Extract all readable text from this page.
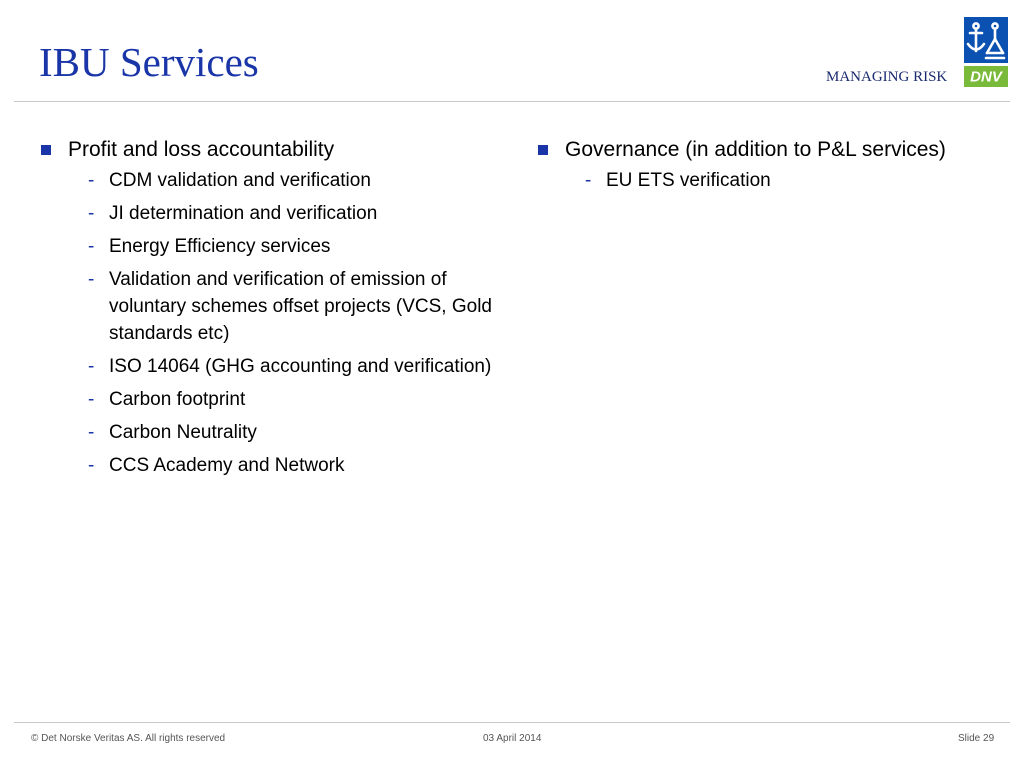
IBU Services	MANAGING RISK DNV
Profit and loss accountability
- CDM validation and verification
- JI determination and verification
- Energy Efficiency services
- Validation and verification of emission of voluntary schemes offset projects (VCS, Gold standards etc)
- ISO 14064 (GHG accounting and verification)
- Carbon footprint
- Carbon Neutrality
- CCS Academy and Network
Governance (in addition to P&L services)
- EU ETS verification
© Det Norske Veritas AS. All rights reserved	03 April 2014	Slide 29
